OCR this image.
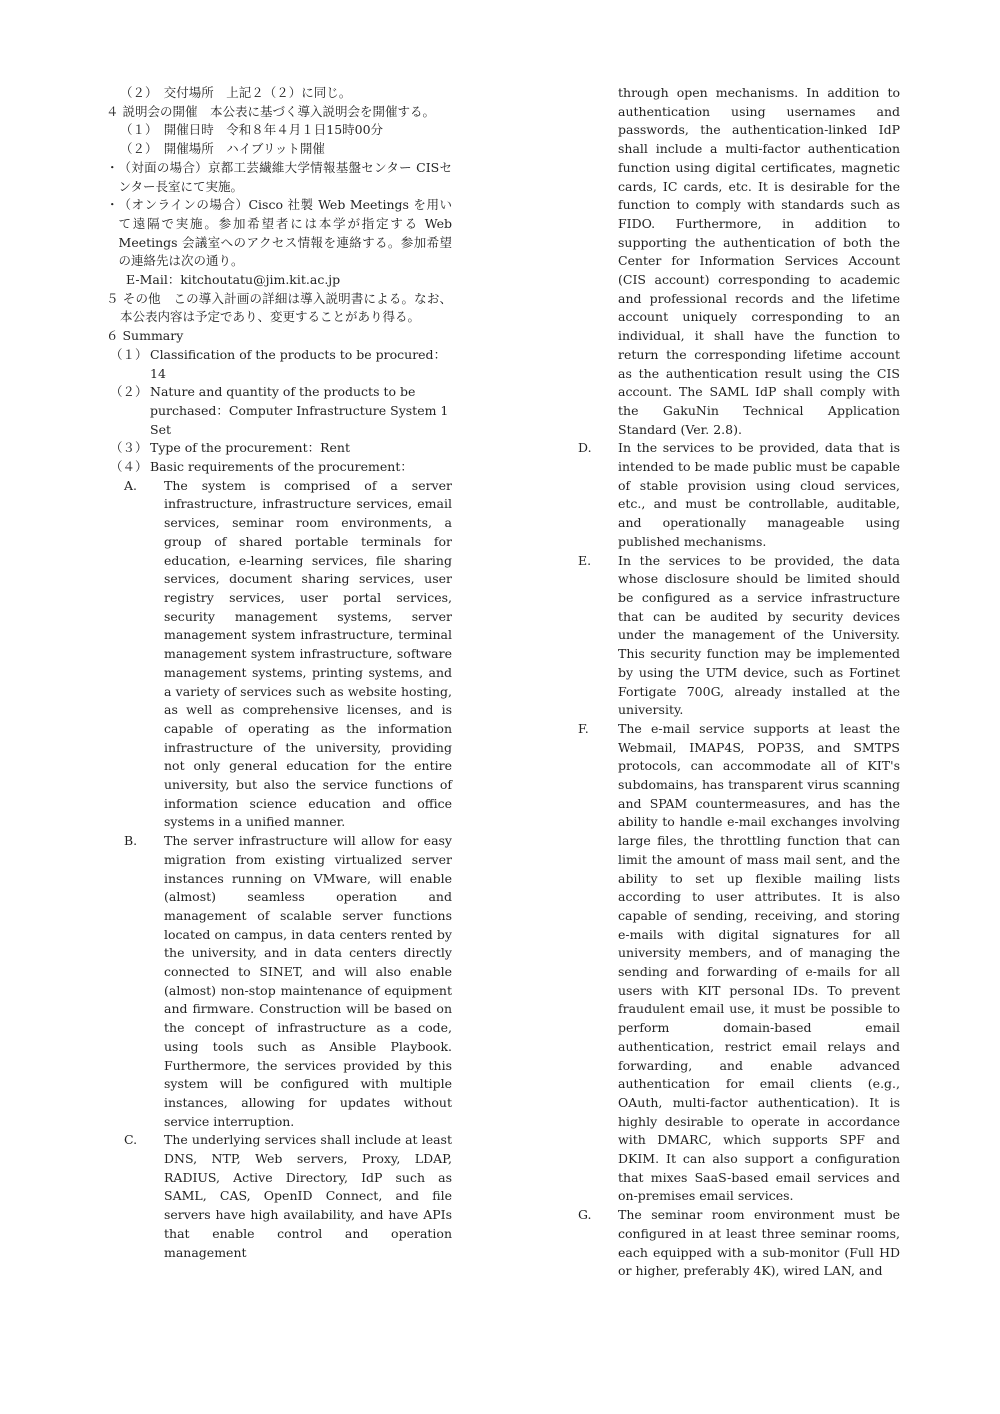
（２）　交付場所　上記２（２）に同じ。

４ 説明会の開催　本公表に基づく導入説明会を開催する。

（１）　開催日時　令和８年４月１日15時00分

（２）　開催場所　ハイブリット開催

・ （対面の場合）京都工芸繊維大学情報基盤センター CISセンター長室にて実施。
・ （オンラインの場合）Cisco 社製 Web Meetings を用いて遠隔で実施。参加希望者には本学が指定する Web Meetings 会議室へのアクセス情報を連絡する。参加希望の連絡先は次の通り。

E-Mail：kitchoutatu@jim.kit.ac.jp

５ その他　この導入計画の詳細は導入説明書による。なお、本公表内容は予定であり、変更することがあり得る。

６ Summary

（１） Classification of the products to be procured：14
（２） Nature and quantity of the products to be purchased：Computer Infrastructure System 1 Set
（３） Type of the procurement：Rent
（４） Basic requirements of the procurement：
A.	The system is comprised of a server infrastructure, infrastructure services, email services, seminar room environments, a group of shared portable terminals for education, e-learning services, file sharing services, document sharing services, user registry services, user portal services, security management systems, server management system infrastructure, terminal management system infrastructure, software management systems, printing systems, and a variety of services such as website hosting, as well as comprehensive licenses, and is capable of operating as the information infrastructure of the university, providing not only general education for the entire university, but also the service functions of information science education and office systems in a unified manner.
B.	The server infrastructure will allow for easy migration from existing virtualized server instances running on VMware, will enable (almost) seamless operation and management of scalable server functions located on campus, in data centers rented by the university, and in data centers directly connected to SINET, and will also enable (almost) non-stop maintenance of equipment and firmware. Construction will be based on the concept of infrastructure as a code, using tools such as Ansible Playbook. Furthermore, the services provided by this system will be configured with multiple instances, allowing for updates without service interruption.
C.	The underlying services shall include at least DNS, NTP, Web servers, Proxy, LDAP, RADIUS, Active Directory, IdP such as SAML, CAS, OpenID Connect, and file servers have high availability, and have APIs that enable control and operation management
through open mechanisms. In addition to authentication using usernames and passwords, the authentication-linked IdP shall include a multi-factor authentication function using digital certificates, magnetic cards, IC cards, etc. It is desirable for the function to comply with standards such as FIDO. Furthermore, in addition to supporting the authentication of both the Center for Information Services Account (CIS account) corresponding to academic and professional records and the lifetime account uniquely corresponding to an individual, it shall have the function to return the corresponding lifetime account as the authentication result using the CIS account. The SAML IdP shall comply with the GakuNin Technical Application Standard (Ver. 2.8).
D.	In the services to be provided, data that is intended to be made public must be capable of stable provision using cloud services, etc., and must be controllable, auditable, and operationally manageable using published mechanisms.
E.	In the services to be provided, the data whose disclosure should be limited should be configured as a service infrastructure that can be audited by security devices under the management of the University. This security function may be implemented by using the UTM device, such as Fortinet Fortigate 700G, already installed at the university.
F.	The e-mail service supports at least the Webmail, IMAP4S, POP3S, and SMTPS protocols, can accommodate all of KIT's subdomains, has transparent virus scanning and SPAM countermeasures, and has the ability to handle e-mail exchanges involving large files, the throttling function that can limit the amount of mass mail sent, and the ability to set up flexible mailing lists according to user attributes. It is also capable of sending, receiving, and storing e-mails with digital signatures for all university members, and of managing the sending and forwarding of e-mails for all users with KIT personal IDs. To prevent fraudulent email use, it must be possible to perform domain-based email authentication, restrict email relays and forwarding, and enable advanced authentication for email clients (e.g., OAuth, multi-factor authentication). It is highly desirable to operate in accordance with DMARC, which supports SPF and DKIM. It can also support a configuration that mixes SaaS-based email services and on-premises email services.
G.	The seminar room environment must be configured in at least three seminar rooms, each equipped with a sub-monitor (Full HD or higher, preferably 4K), wired LAN, and
